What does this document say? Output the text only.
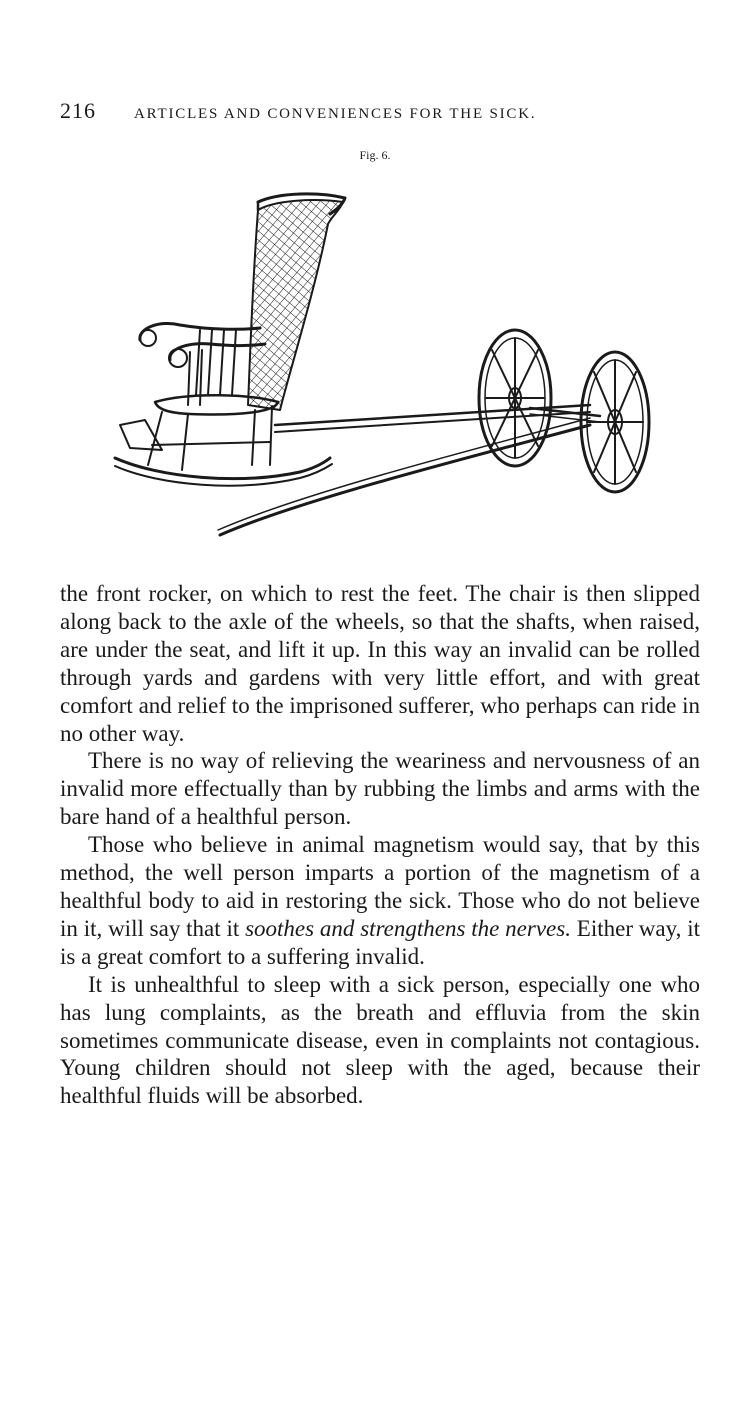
216	ARTICLES AND CONVENIENCES FOR THE SICK.
Fig. 6.

the front rocker, on which to rest the feet. The chair is then slipped along back to the axle of the wheels, so that the shafts, when raised, are under the seat, and lift it up. In this way an invalid can be rolled through yards and gardens with very little effort, and with great comfort and relief to the imprisoned sufferer, who perhaps can ride in no other way.

There is no way of relieving the weariness and nervousness of an invalid more effectually than by rubbing the limbs and arms with the bare hand of a healthful person.

Those who believe in animal magnetism would say, that by this method, the well person imparts a portion of the magnetism of a healthful body to aid in restoring the sick. Those who do not believe in it, will say that it soothes and strengthens the nerves. Either way, it is a great comfort to a suffering invalid.

It is unhealthful to sleep with a sick person, especially one who has lung complaints, as the breath and effluvia from the skin sometimes communicate disease, even in complaints not contagious. Young children should not sleep with the aged, because their healthful fluids will be absorbed.
